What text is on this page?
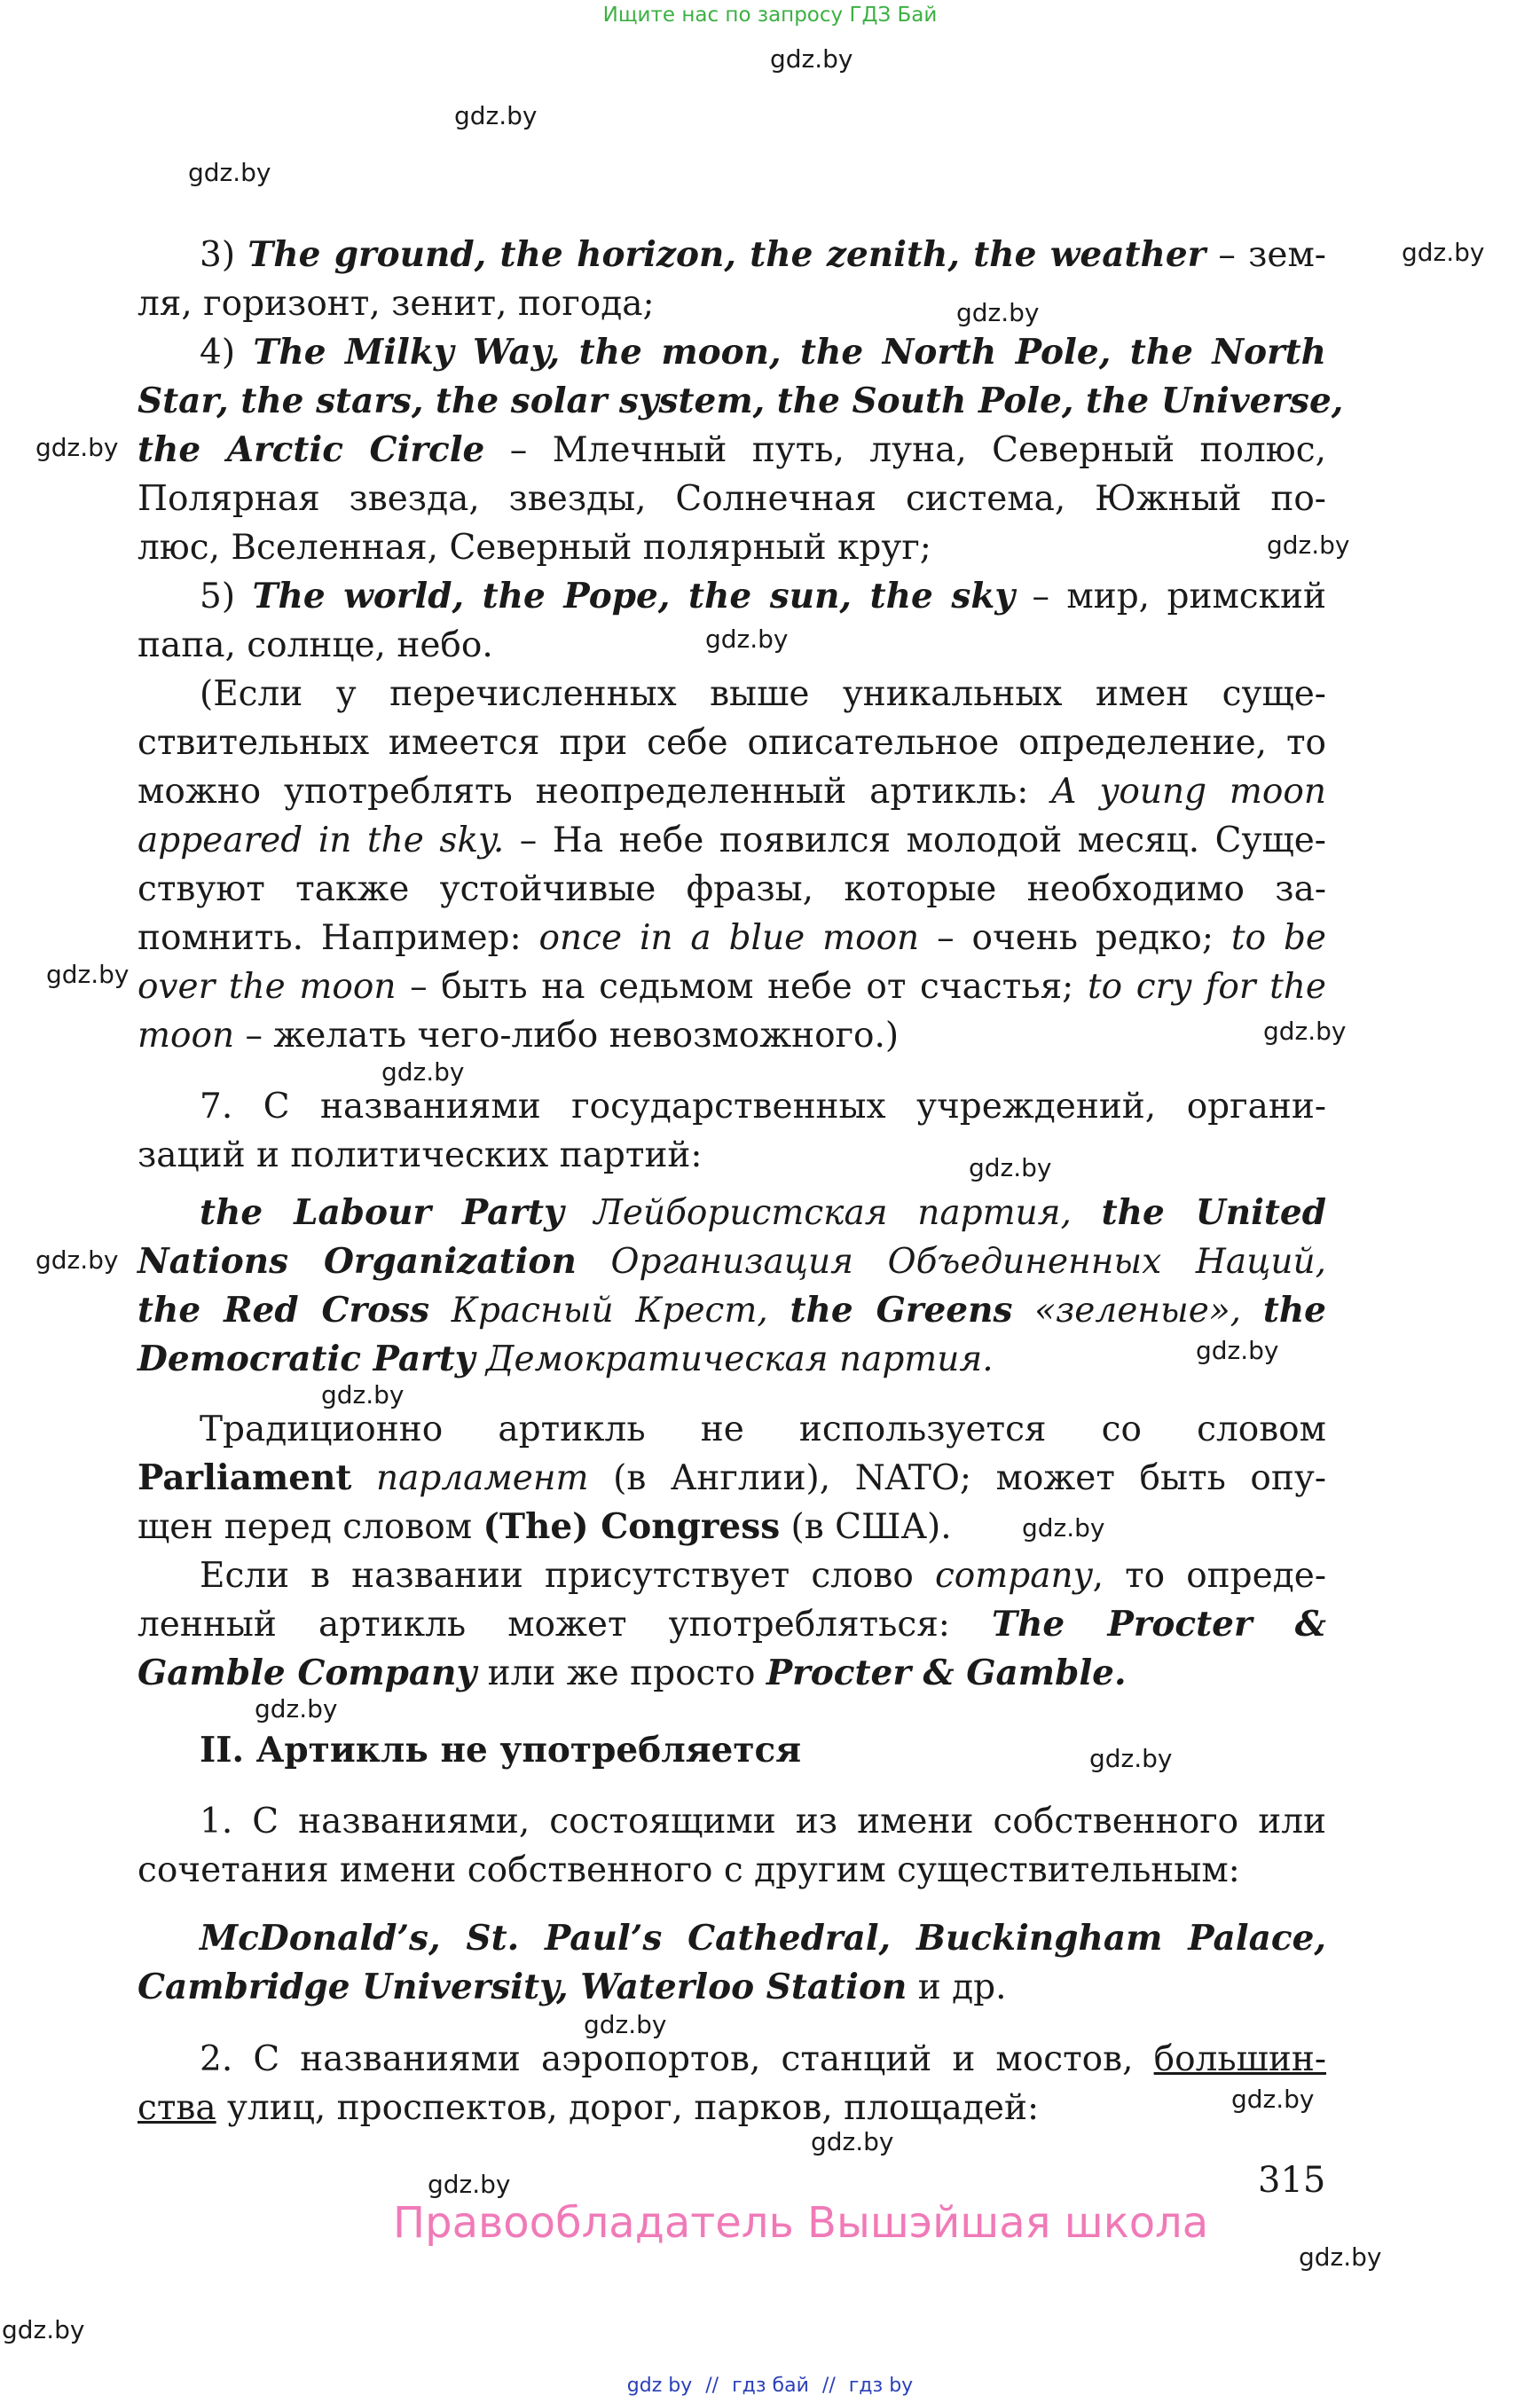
Ищите нас по запросу ГДЗ Бай
gdz.by
gdz.by
gdz.by
gdz.by
gdz.by
gdz.by
gdz.by
gdz.by
gdz.by
gdz.by
gdz.by
gdz.by
gdz.by
gdz.by
gdz.by
gdz.by
gdz.by
gdz.by
gdz.by
gdz.by
gdz.by
gdz.by
gdz.by
gdz.by
3) The ground, the horizon, the zenith, the weather – зем-
ля, горизонт, зенит, погода;
4) The Milky Way, the moon, the North Pole, the North
Star, the stars, the solar system, the South Pole, the Universe,
the Arctic Circle – Млечный путь, луна, Северный полюс,
Полярная звезда, звезды, Солнечная система, Южный по-
люс, Вселенная, Северный полярный круг;
5) The world, the Pope, the sun, the sky – мир, римский
папа, солнце, небо.
(Если у перечисленных выше уникальных имен суще-
ствительных имеется при себе описательное определение, то
можно употреблять неопределенный артикль: A young moon
appeared in the sky. – На небе появился молодой месяц. Суще-
ствуют также устойчивые фразы, которые необходимо за-
помнить. Например: once in a blue moon – очень редко; to be
over the moon – быть на седьмом небе от счастья; to cry for the
moon – желать чего-либо невозможного.)
7. С названиями государственных учреждений, органи-
заций и политических партий:
the Labour Party Лейбористская партия, the United
Nations Organization Организация Объединенных Наций,
the Red Cross Красный Крест, the Greens «зеленые», the
Democratic Party Демократическая партия.
Традиционно артикль не используется со словом
Parliament парламент (в Англии), NATO; может быть опу-
щен перед словом (The) Congress (в США).
Если в названии присутствует слово company, то опреде-
ленный артикль может употребляться: The Procter &
Gamble Company или же просто Procter & Gamble.
II. Артикль не употребляется
1. С названиями, состоящими из имени собственного или
сочетания имени собственного с другим существительным:
McDonald’s, St. Paul’s Cathedral, Buckingham Palace,
Cambridge University, Waterloo Station и др.
2. С названиями аэропортов, станций и мостов, большин-
ства улиц, проспектов, дорог, парков, площадей:
315
Правообладатель Вышэйшая школа
gdz by // гдз бай // гдз by
